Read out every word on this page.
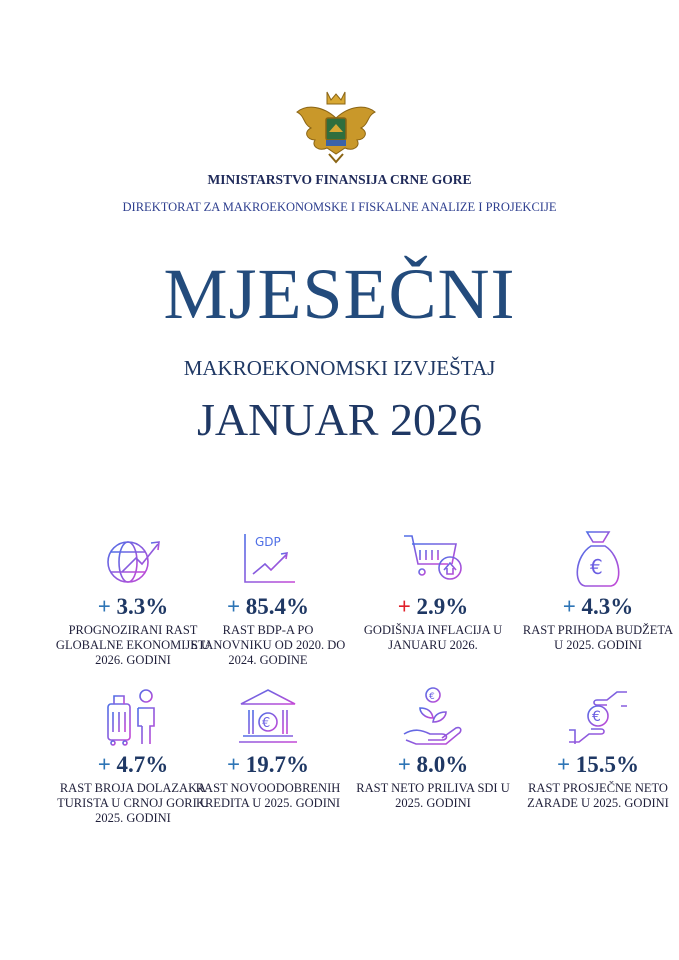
MINISTARSTVO FINANSIJA CRNE GORE
DIREKTORAT ZA MAKROEKONOMSKE I FISKALNE ANALIZE I PROJEKCIJE
MJESEČNI
MAKROEKONOMSKI IZVJEŠTAJ
JANUAR 2026
+ 3.3%
PROGNOZIRANI RAST GLOBALNE EKONOMIJE U 2026. GODINI
GDP
+ 85.4%
RAST BDP-A PO STANOVNIKU OD 2020. DO 2024. GODINE
+ 2.9%
GODIŠNJA INFLACIJA U JANUARU 2026.
€
+ 4.3%
RAST PRIHODA BUDŽETA U 2025. GODINI
+ 4.7%
RAST BROJA DOLAZAKA TURISTA U CRNOJ GORI U 2025. GODINI
€
+ 19.7%
RAST NOVOODOBRENIH KREDITA U 2025. GODINI
€
+ 8.0%
RAST NETO PRILIVA SDI U 2025. GODINI
€
+ 15.5%
RAST PROSJEČNE NETO ZARADE U 2025. GODINI
